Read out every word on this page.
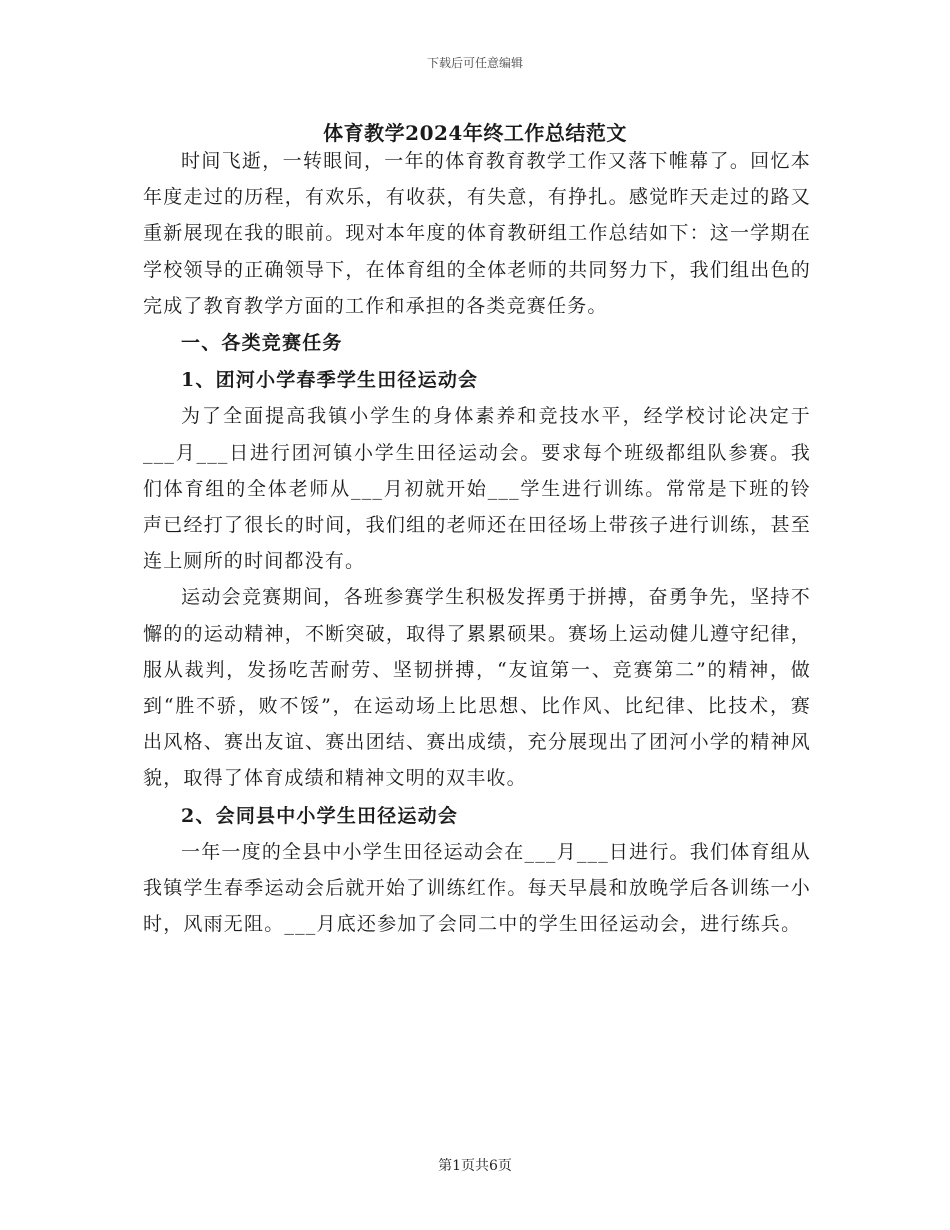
下载后可任意编辑
体育教学2024年终工作总结范文

时间飞逝，一转眼间，一年的体育教育教学工作又落下帷幕了。回忆本年度走过的历程，有欢乐，有收获，有失意，有挣扎。感觉昨天走过的路又重新展现在我的眼前。现对本年度的体育教研组工作总结如下：这一学期在学校领导的正确领导下，在体育组的全体老师的共同努力下，我们组出色的完成了教育教学方面的工作和承担的各类竞赛任务。

一、各类竞赛任务

1、团河小学春季学生田径运动会

为了全面提高我镇小学生的身体素养和竞技水平，经学校讨论决定于___月___日进行团河镇小学生田径运动会。要求每个班级都组队参赛。我们体育组的全体老师从___月初就开始___学生进行训练。常常是下班的铃声已经打了很长的时间，我们组的老师还在田径场上带孩子进行训练，甚至连上厕所的时间都没有。

运动会竞赛期间，各班参赛学生积极发挥勇于拼搏，奋勇争先，坚持不懈的的运动精神，不断突破，取得了累累硕果。赛场上运动健儿遵守纪律，服从裁判，发扬吃苦耐劳、坚韧拼搏，“友谊第一、竞赛第二”的精神，做到“胜不骄，败不馁”，在运动场上比思想、比作风、比纪律、比技术，赛出风格、赛出友谊、赛出团结、赛出成绩，充分展现出了团河小学的精神风貌，取得了体育成绩和精神文明的双丰收。

2、会同县中小学生田径运动会

一年一度的全县中小学生田径运动会在___月___日进行。我们体育组从我镇学生春季运动会后就开始了训练红作。每天早晨和放晚学后各训练一小时，风雨无阻。___月底还参加了会同二中的学生田径运动会，进行练兵。

第1页共6页
